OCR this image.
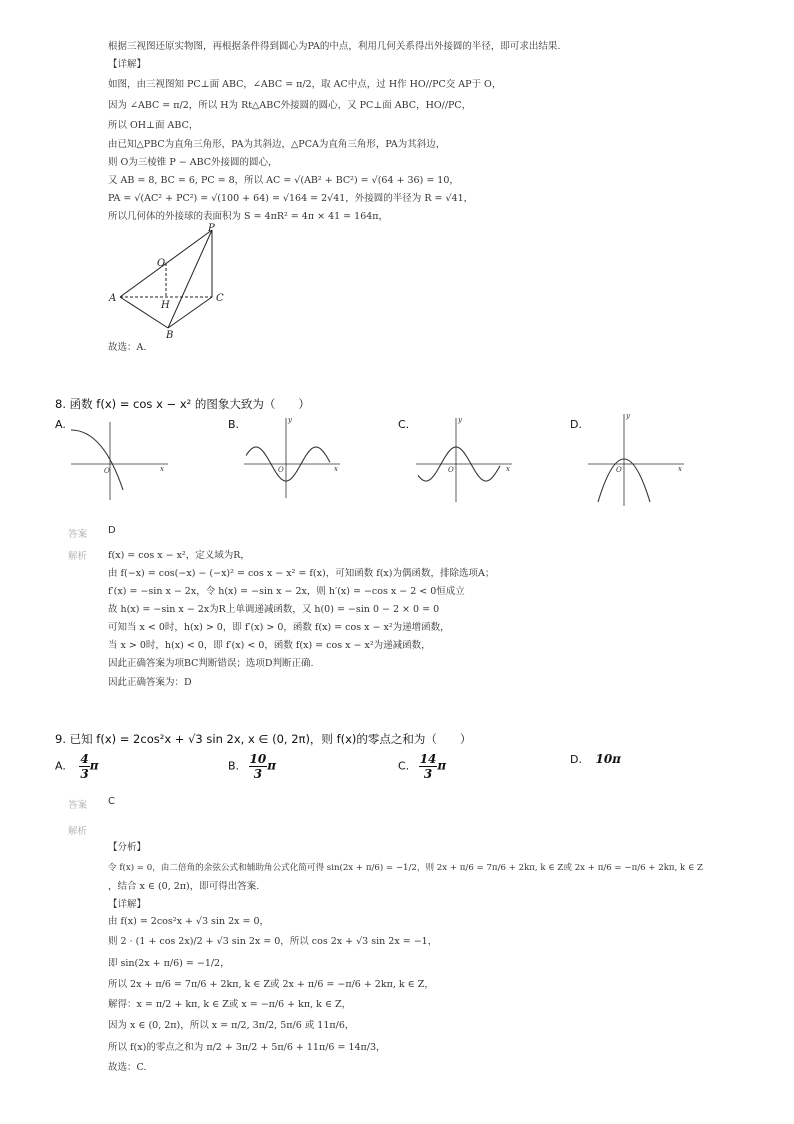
根据三视图还原实物图，再根据条件得到圆心为PA的中点，利用几何关系得出外接圆的半径，即可求出结果.
【详解】
如图，由三视图知 PC⊥面 ABC，∠ABC = π/2，取 AC中点，过 H作 HO//PC交 AP于 O，
因为 ∠ABC = π/2，所以 H为 Rt△ABC外接圆的圆心，又 PC⊥面 ABC，HO//PC，
所以 OH⊥面 ABC，
由已知△PBC为直角三角形，PA为其斜边，△PCA为直角三角形，PA为其斜边，
则 O为三棱锥 P − ABC外接圆的圆心，
又 AB = 8, BC = 6, PC = 8，所以 AC = √(AB² + BC²) = √(64 + 36) = 10，
PA = √(AC² + PC²) = √(100 + 64) = √164 = 2√41，外接圆的半径为 R = √41，
所以几何体的外接球的表面积为 S = 4πR² = 4π × 41 = 164π，
P
O
A
H
C
B
故选：A.
8. 函数 f(x) = cos x − x² 的图象大致为（　　）
A.	B.	C.	D.
O	x
y
O	x
y
O	x
y
O	x
答案 D
解析 f(x) = cos x − x²，定义域为R，
由 f(−x) = cos(−x) − (−x)² = cos x − x² = f(x)，可知函数 f(x)为偶函数，排除选项A；
f′(x) = −sin x − 2x，令 h(x) = −sin x − 2x，则 h′(x) = −cos x − 2 < 0恒成立
故 h(x) = −sin x − 2x为R上单调递减函数，又 h(0) = −sin 0 − 2 × 0 = 0
可知当 x < 0时，h(x) > 0，即 f′(x) > 0，函数 f(x) = cos x − x²为递增函数，
当 x > 0时，h(x) < 0，即 f′(x) < 0，函数 f(x) = cos x − x²为递减函数，
因此正确答案为项BC判断错误；选项D判断正确.
因此正确答案为：D
9. 已知 f(x) = 2cos²x + √3 sin 2x, x ∈ (0, 2π)，则 f(x)的零点之和为（　　）
A. $\frac{4}{3}$ π	B. $\frac{10}{3}$ π	C. $\frac{14}{3}$ π	D. 10π
答案 C
解析
【分析】
令 f(x) = 0，由二倍角的余弦公式和辅助角公式化简可得 sin(2x + π/6) = −1/2，则 2x + π/6 = 7π/6 + 2kπ, k ∈ Z或 2x + π/6 = −π/6 + 2kπ, k ∈ Z
，结合 x ∈ (0, 2π)，即可得出答案.
【详解】
由 f(x) = 2cos²x + √3 sin 2x = 0，
则 2 · (1 + cos 2x)/2 + √3 sin 2x = 0，所以 cos 2x + √3 sin 2x = −1，
即 sin(2x + π/6) = −1/2，
所以 2x + π/6 = 7π/6 + 2kπ, k ∈ Z或 2x + π/6 = −π/6 + 2kπ, k ∈ Z，
解得：x = π/2 + kπ, k ∈ Z或 x = −π/6 + kπ, k ∈ Z，
因为 x ∈ (0, 2π)，所以 x = π/2, 3π/2, 5π/6 或 11π/6，
所以 f(x)的零点之和为 π/2 + 3π/2 + 5π/6 + 11π/6 = 14π/3，
故选：C.
